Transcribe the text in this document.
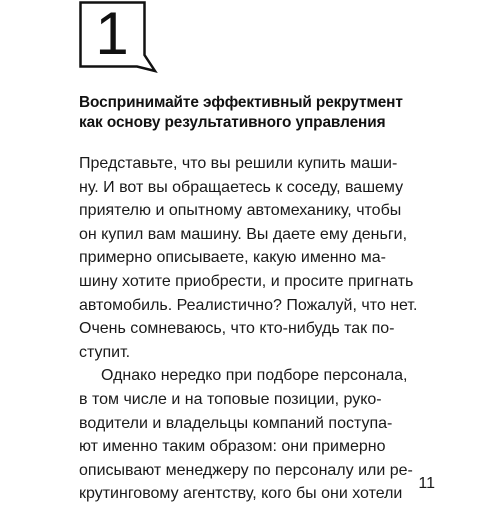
1
Воспринимайте эффективный рекрутмент
как основу результативного управления
Представьте, что вы решили купить маши-
ну. И вот вы обращаетесь к соседу, вашему
приятелю и опытному автомеханику, чтобы
он купил вам машину. Вы даете ему деньги,
примерно описываете, какую именно ма-
шину хотите приобрести, и просите пригнать
автомобиль. Реалистично? Пожалуй, что нет.
Очень сомневаюсь, что кто-нибудь так по-
ступит.
Однако нередко при подборе персонала,
в том числе и на топовые позиции, руко-
водители и владельцы компаний поступа-
ют именно таким образом: они примерно
описывают менеджеру по персоналу или ре-
крутинговому агентству, кого бы они хотели
11
